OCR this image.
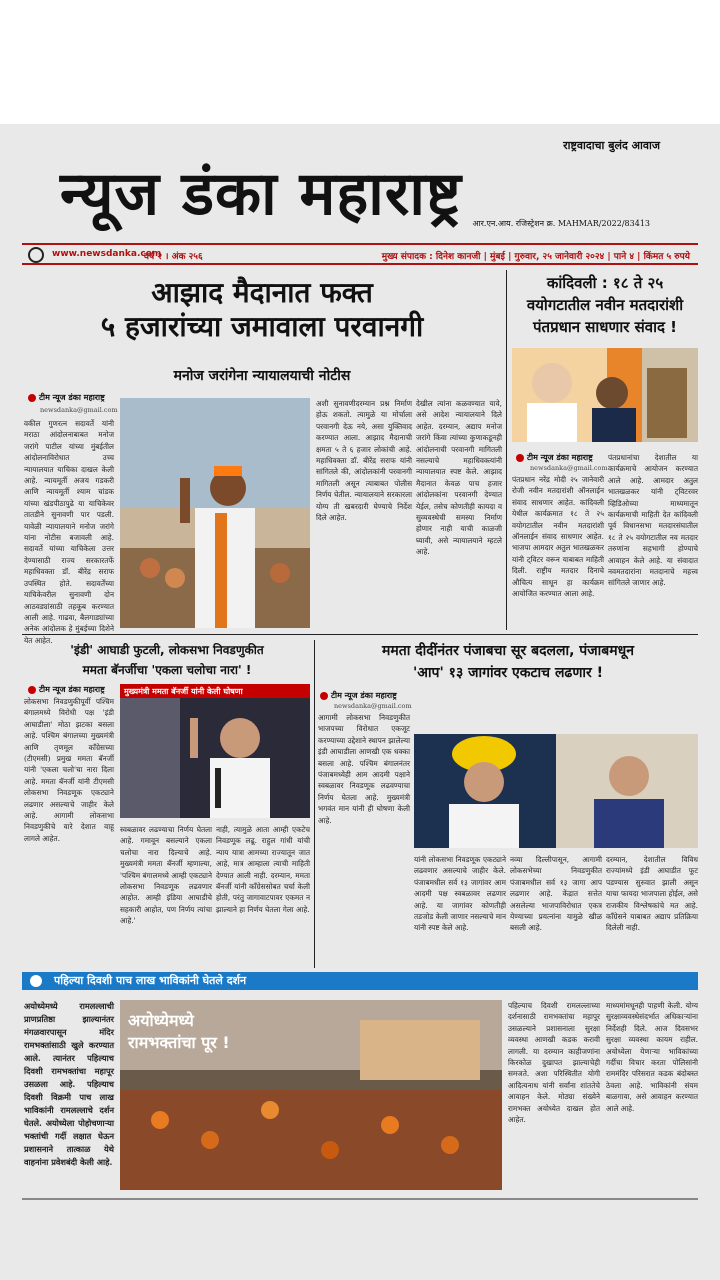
राष्ट्रवादाचा बुलंद आवाज
न्यूज डंका महाराष्ट्र आर.एन.आय. रजिस्ट्रेशन क्र. MAHMAR/2022/83413
www.newsdanka.com
वर्ष २ । अंक २५६	मुख्य संपादक : दिनेश कानजी | मुंबई | गुरुवार, २५ जानेवारी २०२४ | पाने ४ | किंमत ५ रुपये
आझाद मैदानात फक्त
५ हजारांच्या जमावाला परवानगी
मनोज जरांगेना न्यायालयाची नोटीस
टीम न्यूज डंका महाराष्ट्र
newsdanka@gmail.com
वकील गुणरत्न सदावर्ते यांनी मराठा आंदोलनाबाबत मनोज जरांगे पाटील यांच्या मुंबईतील आंदोलनाविरोधात उच्च न्यायालयात याचिका दाखल केली आहे. न्यायमूर्ती अजय गडकरी आणि न्यायमूर्ती श्याम चांडक यांच्या खंडपीठापुढे या याचिकेवर तातडीने सुनावणी पार पडली. यावेळी न्यायालयाने मनोज जरांगे यांना नोटीस बजावली आहे. सदावर्ते यांच्या याचिकेला उत्तर देण्यासाठी राज्य सरकारतर्फे महाधिवक्ता डॉ. बीरेंद्र सराफ उपस्थित होते. सदावर्तेंच्या याचिकेवरील सुनावणी दोन आठवड्यांसाठी तहकूब करण्यात आली आहे. गाढवा, बैलगाड्यांच्या अनेक आंदोलक हे मुंबईच्या दिशेने येत आहेत.
अशी सुनावणीदरम्यान प्रश्न निर्माण होऊ शकतो. त्यामुळे या मोर्चाला परवानगी देऊ नये, असा युक्तिवाद करण्यात आला. आझाद मैदानाची क्षमता ५ ते ६ हजार लोकांची आहे. महाधिवक्ता डॉ. बीरेंद्र सराफ यांनी सांगितले की, आंदोलकांनी परवानगी मागितली असून त्याबाबत पोलीस निर्णय घेतील. न्यायालयाने सरकारला योग्य ती खबरदारी घेण्याचे निर्देश दिले आहेत.
देखील त्यांना कळवण्यात यावे, असे आदेश न्यायालयाने दिले आहेत. दरम्यान, अद्याप मनोज जरांगे किंवा त्यांच्या कुणाकडूनही आंदोलनाची परवानगी मागितली नसल्याचे महाधिवक्त्यांनी न्यायालयात स्पष्ट केले. आझाद मैदानात केवळ पाच हजार आंदोलकांना परवानगी देण्यात येईल, तसेच कोणतीही कायदा व सुव्यवस्थेची समस्या निर्माण होणार नाही याची काळजी घ्यावी, असे न्यायालयाने म्हटले आहे.
कांदिवली : १८ ते २५
वयोगटातील नवीन मतदारांशी
पंतप्रधान साधणार संवाद !
टीम न्यूज डंका महाराष्ट्र
newsdanka@gmail.com
पंतप्रधान नरेंद्र मोदी २५ जानेवारी रोजी नवीन मतदारांशी ऑनलाईन संवाद साधणार आहेत. कांदिवली येथील कार्यक्रमात १८ ते २५ वयोगटातील नवीन मतदारांशी ऑनलाईन संवाद साधणार आहेत. भाजपा आमदार अतुल भातखळकर यांनी ट्विटर वरून याबाबत माहिती दिली. राष्ट्रीय मतदार दिनाचे औचित्य साधून हा कार्यक्रम आयोजित करण्यात आला आहे.
पंतप्रधानांचा देशातील या कार्यक्रमाचे आयोजन करण्यात आले आहे. आमदार अतुल भातखळकर यांनी ट्विटरवर व्हिडिओच्या माध्यमातून कार्यक्रमाची माहिती देत कांदिवली पूर्व विधानसभा मतदारसंघातील १८ ते २५ वयोगटातील नव मतदार तरुणांना सहभागी होण्याचे आवाहन केले आहे. या संवादात नवमतदारांना मतदानाचे महत्त्व सांगितले जाणार आहे.
'इंडी' आघाडी फुटली, लोकसभा निवडणुकीत
ममता बॅनर्जीचा 'एकला चलोचा नारा' !
टीम न्यूज डंका महाराष्ट्र
लोकसभा निवडणुकीपूर्वी पश्चिम बंगालमध्ये विरोधी पक्ष 'इंडी आघाडीला' मोठा झटका बसला आहे. पश्चिम बंगालच्या मुख्यमंत्री आणि तृणमूल काँग्रेसच्या (टीएमसी) प्रमुख ममता बॅनर्जी यांनी 'एकला चलो'चा नारा दिला आहे. ममता बॅनर्जी यांनी टीएमसी लोकसभा निवडणूक एकट्याने लढणार असल्याचे जाहीर केले आहे. आगामी लोकसभा निवडणुकीचे वारे देशात वाहू लागले आहेत.
मुख्यमंत्री ममता बॅनर्जी यांनी केली घोषणा
स्वबळावर लढण्याचा निर्णय घेतला आहे. गमावून बसल्याने एकला चलोचा नारा दिल्याचे आहे. मुख्यमंत्री ममता बॅनर्जी म्हणाल्या, 'पश्चिम बंगालमध्ये आम्ही एकट्याने लोकसभा निवडणूक लढवणार आहोत. आम्ही इंडिया आघाडीचे सहकारी आहोत, पण निर्णय त्यांचा आहे.'
नाही, त्यामुळे आता आम्ही एकटेच निवडणूक लढू. राहुल गांधी यांची न्याय यात्रा आमच्या राज्यातून जात आहे, मात्र आम्हाला त्याची माहिती देण्यात आली नाही. दरम्यान, ममता बॅनर्जी यांनी काँग्रेससोबत चर्चा केली होती, परंतु जागावाटपावर एकमत न झाल्याने हा निर्णय घेतला गेला आहे.
ममता दीदींनंतर पंजाबचा सूर बदलला, पंजाबमधून
'आप' १३ जागांवर एकटाच लढणार !
टीम न्यूज डंका महाराष्ट्र
newsdanka@gmail.com
आगामी लोकसभा निवडणुकीत भाजपच्या विरोधात एकजूट करण्याच्या उद्देशाने स्थापन झालेल्या इंडी आघाडीला आणखी एक धक्का बसला आहे. पश्चिम बंगालनंतर पंजाबमध्येही आम आदमी पक्षाने स्वबळावर निवडणूक लढवण्याचा निर्णय घेतला आहे. मुख्यमंत्री भगवंत मान यांनी ही घोषणा केली आहे.
यांनी लोकसभा निवडणूक एकट्याने लढवणार असल्याचे जाहीर केले. पंजाबमधील सर्व १३ जागांवर आम आदमी पक्ष स्वबळावर लढणार आहे. या जागांवर कोणतीही तडजोड केली जाणार नसल्याचे मान यांनी स्पष्ट केले आहे.
नव्या दिल्लीपासून, आगामी लोकसभेच्या निवडणुकीत पंजाबमधील सर्व १३ जागा आप लढणार आहे. केंद्रात सत्तेत असलेल्या भाजपाविरोधात एकत्र येण्याच्या प्रयत्नांना यामुळे खीळ बसली आहे.
दरम्यान, देशातील विविध राज्यांमध्ये इंडी आघाडीत फूट पडण्यास सुरुवात झाली असून याचा फायदा भाजपाला होईल, असे राजकीय विश्लेषकांचे मत आहे. काँग्रेसने याबाबत अद्याप प्रतिक्रिया दिलेली नाही.
पहिल्या दिवशी पाच लाख भाविकांनी घेतले दर्शन
अयोध्येमध्ये रामलल्लाची प्राणप्रतिष्ठा झाल्यानंतर मंगळवारपासून मंदिर रामभक्तांसाठी खुले करण्यात आले. त्यानंतर पहिल्याच दिवशी रामभक्तांचा महापूर उसळला आहे. पहिल्याच दिवशी विक्रमी पाच लाख भाविकांनी रामलल्लाचे दर्शन घेतले. अयोध्येला पोहोचणाऱ्या भक्तांची गर्दी लक्षात घेऊन प्रशासनाने तात्काळ येथे वाहनांना प्रवेशबंदी केली आहे.
अयोध्येमध्ये
रामभक्तांचा पूर !
पहिल्याच दिवशी रामलल्लाच्या दर्शनासाठी रामभक्तांचा महापूर उसळल्याने प्रशासनाला सुरक्षा व्यवस्था आणखी कडक करावी लागली. या दरम्यान काहीजणांना किरकोळ दुखापत झाल्याचेही समजते. अशा परिस्थितीत योगी आदित्यनाथ यांनी सर्वांना शांततेचे आवाहन केले. मोठ्या संख्येने रामभक्त अयोध्येत दाखल होत आहेत.
माध्यमांमधूनही पाहणी केली. योग्य सुरक्षाव्यवस्थेसंदर्भात अधिकाऱ्यांना निर्देशही दिले. आज दिवसभर सुरक्षा व्यवस्था कायम राहील. अयोध्येला येणाऱ्या भाविकांच्या गर्दीचा विचार करता पोलिसांनी राममंदिर परिसरात कडक बंदोबस्त ठेवला आहे. भाविकांनी संयम बाळगावा, असे आवाहन करण्यात आले आहे.
